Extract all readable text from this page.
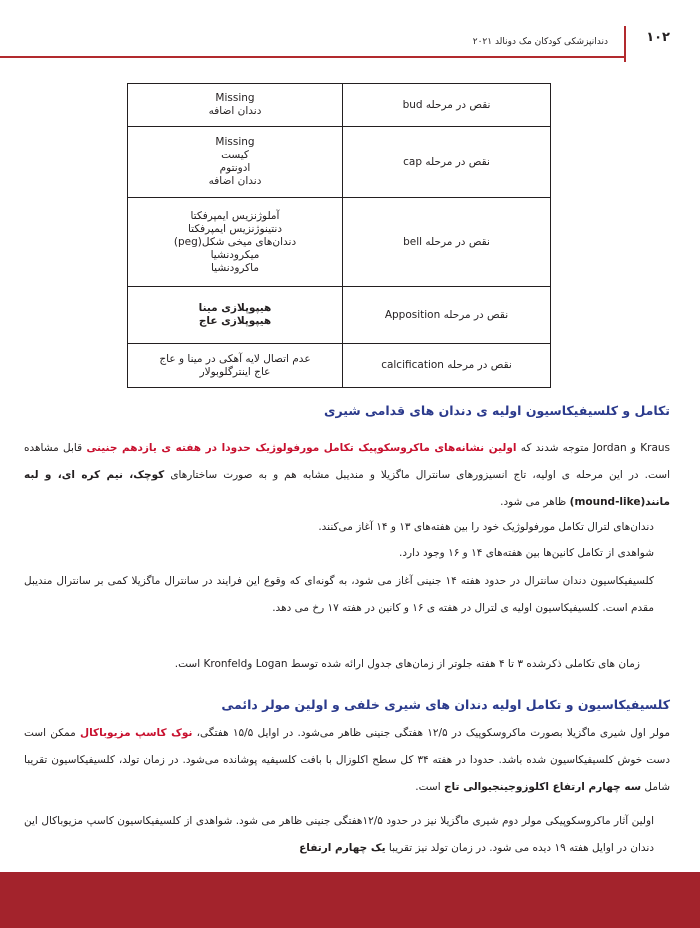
۱۰۲
دندانپزشکی کودکان مک دونالد ۲۰۲۱
نقص در مرحله bud	Missing
دندان اضافه

نقص در مرحله cap	Missing
کیست
ادونتوم
دندان اضافه

نقص در مرحله bell	آملوژنزیس ایمپرفکتا
دنتینوژنزیس ایمپرفکتا
دندان‌های میخی شکل(peg)
میکرودنشیا
ماکرودنشیا

نقص در مرحله Apposition	هیپوپلازی مینا
هیپوپلازی عاج

نقص در مرحله calcification	عدم اتصال لایه آهکی در مینا و عاج
عاج اینترگلوبولار
تکامل و کلسیفیکاسیون اولیه ی دندان های قدامی شیری
Kraus و Jordan متوجه شدند که اولین نشانه‌های ماکروسکوپیک تکامل مورفولوژیک حدودا در هفته ی یازدهم جنینی قابل مشاهده است. در این مرحله ی اولیه، تاج انسیزورهای سانترال ماگزیلا و مندیبل مشابه هم و به صورت ساختارهای کوچک، نیم کره ای، و لبه مانند(mound-like) ظاهر می شود.
دندان‌های لترال تکامل مورفولوژیک خود را بین هفته‌های ۱۳ و ۱۴ آغاز می‌کنند.
شواهدی از تکامل کانین‌ها بین هفته‌های ۱۴ و ۱۶ وجود دارد.
کلسیفیکاسیون دندان سانترال در حدود هفته ۱۴ جنینی آغاز می شود، به گونه‌ای که وقوع این فرایند در سانترال ماگزیلا کمی بر سانترال مندیبل مقدم است. کلسیفیکاسیون اولیه ی لترال در هفته ی ۱۶ و کانین در هفته ۱۷ رخ می دهد.
زمان های تکاملی ذکرشده ۳ تا ۴ هفته جلوتر از زمان‌های جدول ارائه شده توسط Logan وKronfeld است.
کلسیفیکاسیون و تکامل اولیه دندان های شیری خلفی و اولین مولر دائمی
مولر اول شیری ماگزیلا بصورت ماکروسکوپیک در ۱۲/۵ هفتگی جنینی ظاهر می‌شود. در اوایل ۱۵/۵ هفتگی، نوک کاسپ مزیوباکال ممکن است دست خوش کلسیفیکاسیون شده باشد. حدودا در هفته ۳۴ کل سطح اکلوزال با بافت کلسیفیه پوشانده می‌شود. در زمان تولد، کلسیفیکاسیون تقریبا شامل سه چهارم ارتفاع اکلوزوجینجیوالی تاج است.
اولین آثار ماکروسکوپیکی مولر دوم شیری ماگزیلا نیز در حدود ۱۲/۵هفتگی جنینی ظاهر می شود. شواهدی از کلسیفیکاسیون کاسپ مزیوباکال این دندان در اوایل هفته ۱۹ دیده می شود. در زمان تولد نیز تقریبا یک چهارم ارتفاع
